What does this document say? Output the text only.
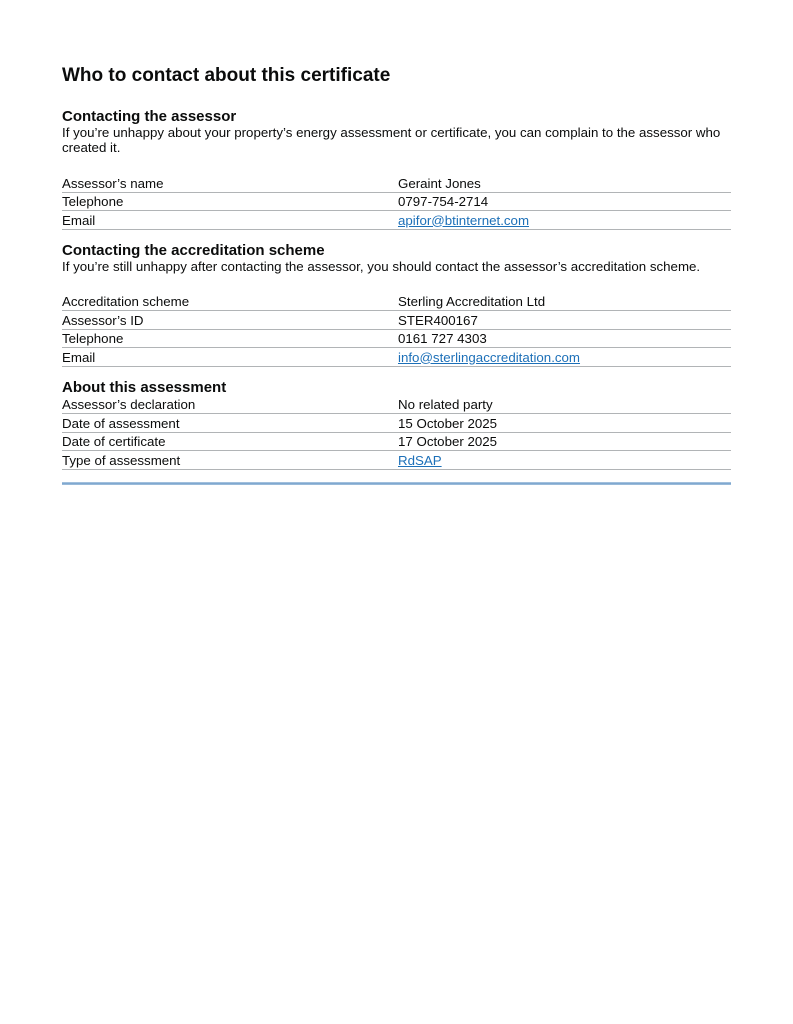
Who to contact about this certificate
Contacting the assessor

If you’re unhappy about your property’s energy assessment or certificate, you can complain to the assessor who created it.

Assessor’s name	Geraint Jones
Telephone	0797-754-2714
Email	apifor@btinternet.com
Contacting the accreditation scheme

If you’re still unhappy after contacting the assessor, you should contact the assessor’s accreditation scheme.

Accreditation scheme	Sterling Accreditation Ltd
Assessor’s ID	STER400167
Telephone	0161 727 4303
Email	info@sterlingaccreditation.com
About this assessment
Assessor’s declaration	No related party
Date of assessment	15 October 2025
Date of certificate	17 October 2025
Type of assessment	RdSAP
